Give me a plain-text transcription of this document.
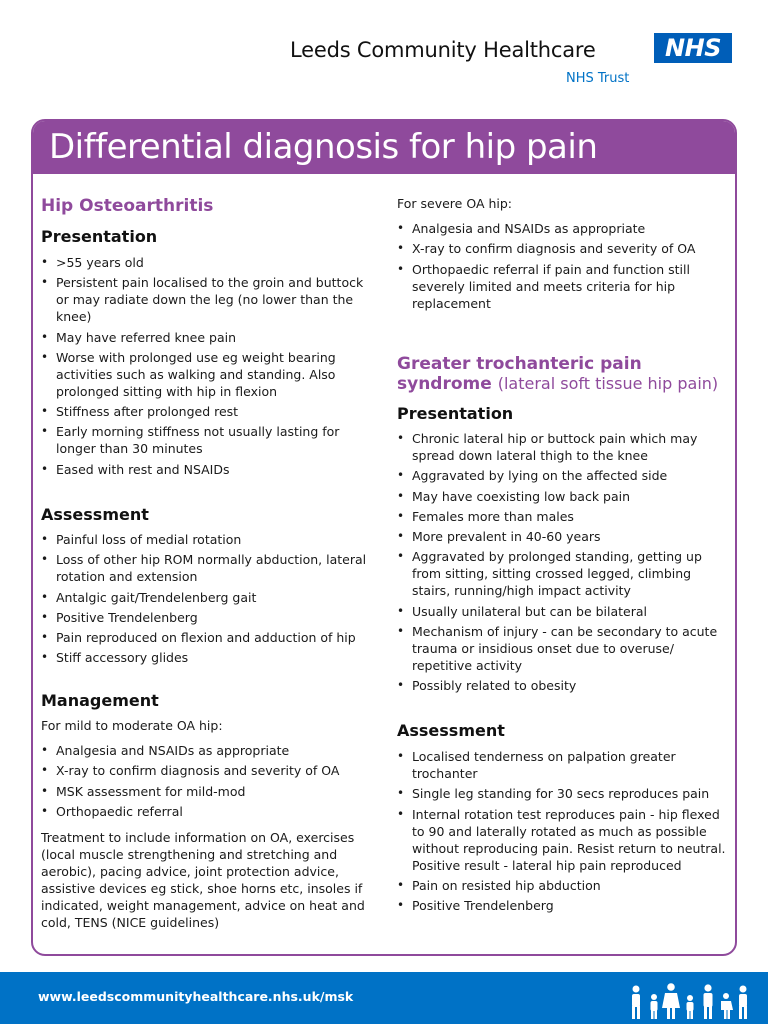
Leeds Community Healthcare
NHS Trust
NHS
Differential diagnosis for hip pain
Hip Osteoarthritis
Presentation
• >55 years old
• Persistent pain localised to the groin and buttock or may radiate down the leg (no lower than the knee)
• May have referred knee pain
• Worse with prolonged use eg weight bearing activities such as walking and standing. Also prolonged sitting with hip in flexion
• Stiffness after prolonged rest
• Early morning stiffness not usually lasting for longer than 30 minutes
• Eased with rest and NSAIDs
Assessment
• Painful loss of medial rotation
• Loss of other hip ROM normally abduction, lateral rotation and extension
• Antalgic gait/Trendelenberg gait
• Positive Trendelenberg
• Pain reproduced on flexion and adduction of hip
• Stiff accessory glides
Management
For mild to moderate OA hip:
• Analgesia and NSAIDs as appropriate
• X-ray to confirm diagnosis and severity of OA
• MSK assessment for mild-mod
• Orthopaedic referral
Treatment to include information on OA, exercises (local muscle strengthening and stretching and aerobic), pacing advice, joint protection advice, assistive devices eg stick, shoe horns etc, insoles if indicated, weight management, advice on heat and cold, TENS (NICE guidelines)
For severe OA hip:
• Analgesia and NSAIDs as appropriate
• X-ray to confirm diagnosis and severity of OA
• Orthopaedic referral if pain and function still severely limited and meets criteria for hip replacement
Greater trochanteric pain
syndrome (lateral soft tissue hip pain)
Presentation
• Chronic lateral hip or buttock pain which may spread down lateral thigh to the knee
• Aggravated by lying on the affected side
• May have coexisting low back pain
• Females more than males
• More prevalent in 40-60 years
• Aggravated by prolonged standing, getting up from sitting, sitting crossed legged, climbing stairs, running/high impact activity
• Usually unilateral but can be bilateral
• Mechanism of injury - can be secondary to acute trauma or insidious onset due to overuse/ repetitive activity
• Possibly related to obesity
Assessment
• Localised tenderness on palpation greater trochanter
• Single leg standing for 30 secs reproduces pain
• Internal rotation test reproduces pain - hip flexed to 90 and laterally rotated as much as possible without reproducing pain. Resist return to neutral. Positive result - lateral hip pain reproduced
• Pain on resisted hip abduction
• Positive Trendelenberg
www.leedscommunityhealthcare.nhs.uk/msk
